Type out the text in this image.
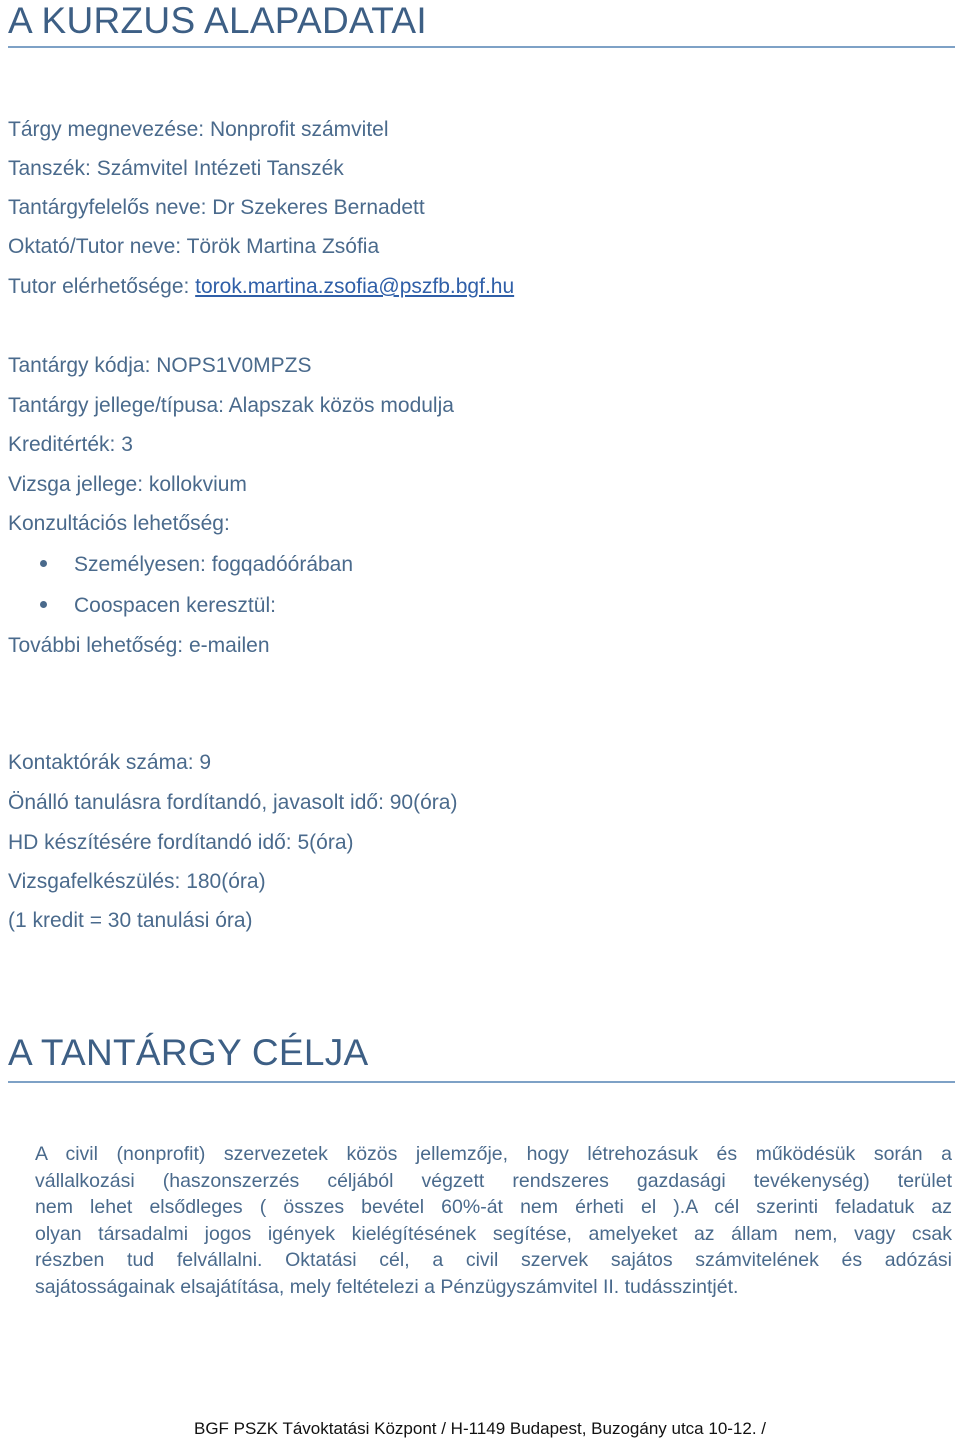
A KURZUS ALAPADATAI

Tárgy megnevezése: Nonprofit számvitel

Tanszék: Számvitel Intézeti Tanszék

Tantárgyfelelős neve: Dr Szekeres Bernadett

Oktató/Tutor neve: Török Martina Zsófia

Tutor elérhetősége: torok.martina.zsofia@pszfb.bgf.hu

Tantárgy kódja: NOPS1V0MPZS

Tantárgy jellege/típusa: Alapszak közös modulja

Kreditérték: 3

Vizsga jellege: kollokvium

Konzultációs lehetőség:

Személyesen: fogqadóórában
Coospacen keresztül:

További lehetőség: e-mailen

Kontaktórák száma: 9

Önálló tanulásra fordítandó, javasolt idő: 90(óra)

HD készítésére fordítandó idő: 5(óra)

Vizsgafelkészülés: 180(óra)

(1 kredit = 30 tanulási óra)

A TANTÁRGY CÉLJA
A civil (nonprofit) szervezetek közös jellemzője, hogy létrehozásuk és működésük során a
vállalkozási (haszonszerzés céljából végzett rendszeres gazdasági tevékenység) terület
nem lehet elsődleges ( összes bevétel 60%-át nem érheti el ).A cél szerinti feladatuk az
olyan társadalmi jogos igények kielégítésének segítése, amelyeket az állam nem, vagy csak
részben tud felvállalni. Oktatási cél, a civil szervek sajátos számvitelének és adózási
sajátosságainak elsajátítása, mely feltételezi a Pénzügyszámvitel II. tudásszintjét.
BGF PSZK Távoktatási Központ / H-1149 Budapest, Buzogány utca 10-12. /
